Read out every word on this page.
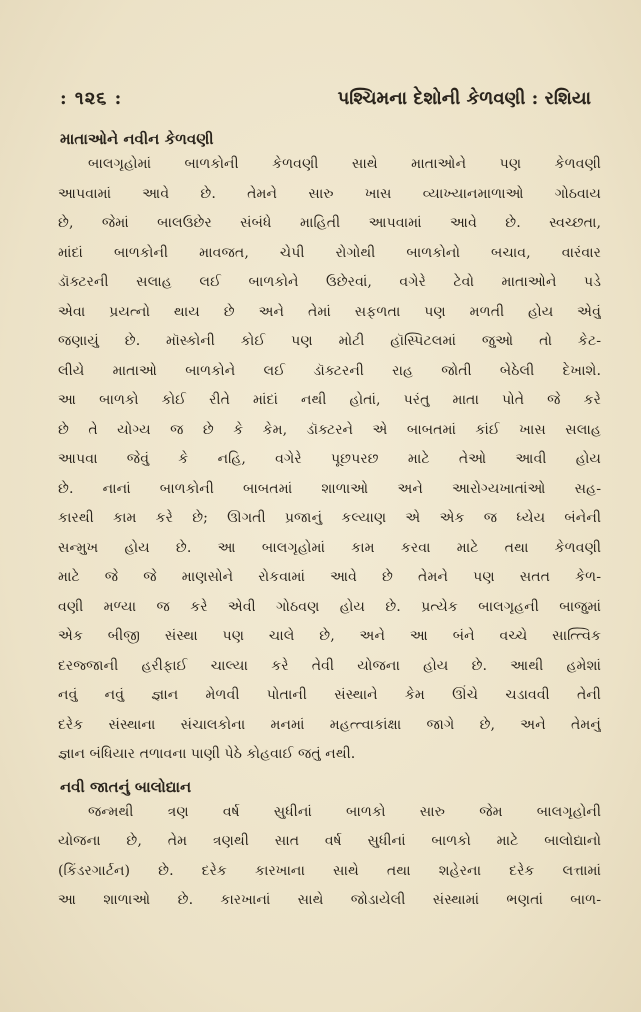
: ૧૨૬ :	પશ્ચિમના દેશોની કેળવણી : રશિયા
માતાઓને નવીન કેળવણી
બાલગૃહોમાં બાળકોની કેળવણી સાથે માતાઓને પણ કેળવણી
આપવામાં આવે છે. તેમને સારુ ખાસ વ્યાખ્યાનમાળાઓ ગોઠવાય
છે, જેમાં બાલઉછેર સંબંધે માહિતી આપવામાં આવે છે. સ્વચ્છતા,
માંદાં બાળકોની માવજત, ચેપી રોગોથી બાળકોનો બચાવ, વારંવાર
ડૉક્ટરની સલાહ લઈ બાળકોને ઉછેરવાં, વગેરે ટેવો માતાઓને પડે
એવા પ્રયત્નો થાય છે અને તેમાં સફળતા પણ મળતી હોય એવું
જણાયું છે. મૉસ્કોની કોઈ પણ મોટી હૉસ્પિટલમાં જુઓ તો કેટ-
લીયે માતાઓ બાળકોને લઈ ડૉક્ટરની રાહ જોતી બેઠેલી દેખાશે.
આ બાળકો કોઈ રીતે માંદાં નથી હોતાં, પરંતુ માતા પોતે જે કરે
છે તે યોગ્ય જ છે કે કેમ, ડૉક્ટરને એ બાબતમાં કાંઈ ખાસ સલાહ
આપવા જેવું કે નહિ, વગેરે પૂછપરછ માટે તેઓ આવી હોય
છે. નાનાં બાળકોની બાબતમાં શાળાઓ અને આરોગ્યખાતાંઓ સહ-
કારથી કામ કરે છે; ઊગતી પ્રજાનું કલ્યાણ એ એક જ ધ્યેય બંનેની
સન્મુખ હોય છે. આ બાલગૃહોમાં કામ કરવા માટે તથા કેળવણી
માટે જે જે માણસોને રોકવામાં આવે છે તેમને પણ સતત કેળ-
વણી મળ્યા જ કરે એવી ગોઠવણ હોય છે. પ્રત્યેક બાલગૃહની બાજુમાં
એક બીજી સંસ્થા પણ ચાલે છે, અને આ બંને વચ્ચે સાત્ત્વિક
દરજ્જાની હરીફાઈ ચાલ્યા કરે તેવી યોજના હોય છે. આથી હમેશાં
નવું નવું જ્ઞાન મેળવી પોતાની સંસ્થાને કેમ ઊંચે ચડાવવી તેની
દરેક સંસ્થાના સંચાલકોના મનમાં મહત્ત્વાકાંક્ષા જાગે છે, અને તેમનું
જ્ઞાન બંધિયાર તળાવના પાણી પેઠે કોહવાઈ જતું નથી.
નવી જાતનું બાલોદ્યાન
જન્મથી ત્રણ વર્ષ સુધીનાં બાળકો સારુ જેમ બાલગૃહોની
યોજના છે, તેમ ત્રણથી સાત વર્ષ સુધીનાં બાળકો માટે બાલોદ્યાનો
(કિંડરગાર્ટન) છે. દરેક કારખાના સાથે તથા શહેરના દરેક લત્તામાં
આ શાળાઓ છે. કારખાનાં સાથે જોડાયેલી સંસ્થામાં ભણતાં બાળ-
